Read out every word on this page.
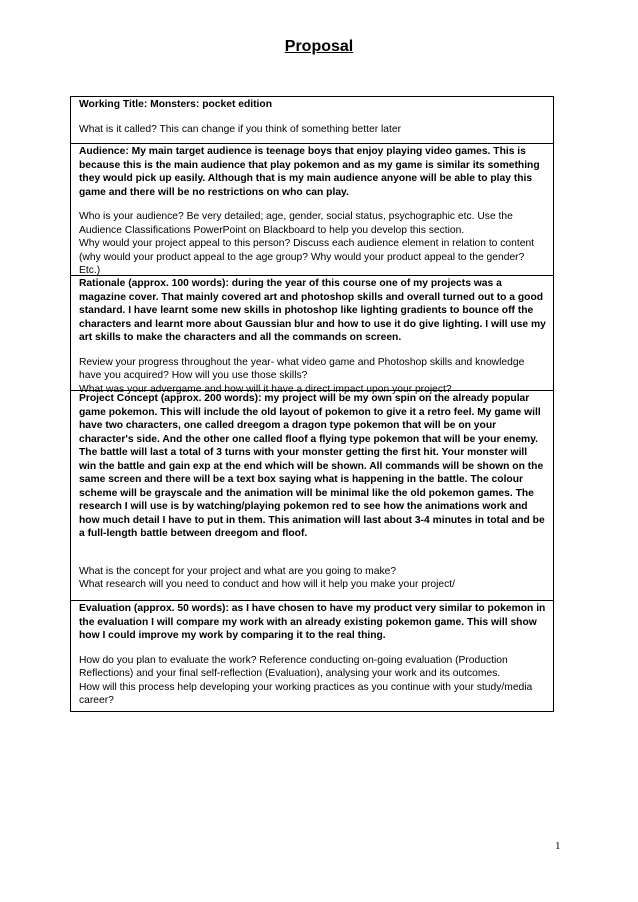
Proposal

Working Title: Monsters: pocket edition

What is it called? This can change if you think of something better later

Audience: My main target audience is teenage boys that enjoy playing video games. This is because this is the main audience that play pokemon and as my game is similar its something they would pick up easily. Although that is my main audience anyone will be able to play this game and there will be no restrictions on who can play.

Who is your audience? Be very detailed; age, gender, social status, psychographic etc. Use the Audience Classifications PowerPoint on Blackboard to help you develop this section.

Why would your project appeal to this person? Discuss each audience element in relation to content (why would your product appeal to the age group? Why would your product appeal to the gender? Etc.)

Rationale (approx. 100 words): during the year of this course one of my projects was a magazine cover. That mainly covered art and photoshop skills and overall turned out to a good standard. I have learnt some new skills in photoshop like lighting gradients to bounce off the characters and learnt more about Gaussian blur and how to use it do give lighting. I will use my art skills to make the characters and all the commands on screen.

Review your progress throughout the year- what video game and Photoshop skills and knowledge have you acquired? How will you use those skills?

What was your advergame and how will it have a direct impact upon your project?

Project Concept (approx. 200 words): my project will be my own spin on the already popular game pokemon. This will include the old layout of pokemon to give it a retro feel. My game will have two characters, one called dreegom a dragon type pokemon that will be on your character's side. And the other one called floof a flying type pokemon that will be your enemy. The battle will last a total of 3 turns with your monster getting the first hit. Your monster will win the battle and gain exp at the end which will be shown. All commands will be shown on the same screen and there will be a text box saying what is happening in the battle. The colour scheme will be grayscale and the animation will be minimal like the old pokemon games. The research I will use is by watching/playing pokemon red to see how the animations work and how much detail I have to put in them. This animation will last about 3-4 minutes in total and be a full-length battle between dreegom and floof.

What is the concept for your project and what are you going to make?

What research will you need to conduct and how will it help you make your project/

Evaluation (approx. 50 words): as I have chosen to have my product very similar to pokemon in the evaluation I will compare my work with an already existing pokemon game. This will show how I could improve my work by comparing it to the real thing.

How do you plan to evaluate the work? Reference conducting on-going evaluation (Production Reflections) and your final self-reflection (Evaluation), analysing your work and its outcomes.

How will this process help developing your working practices as you continue with your study/media career?

1
